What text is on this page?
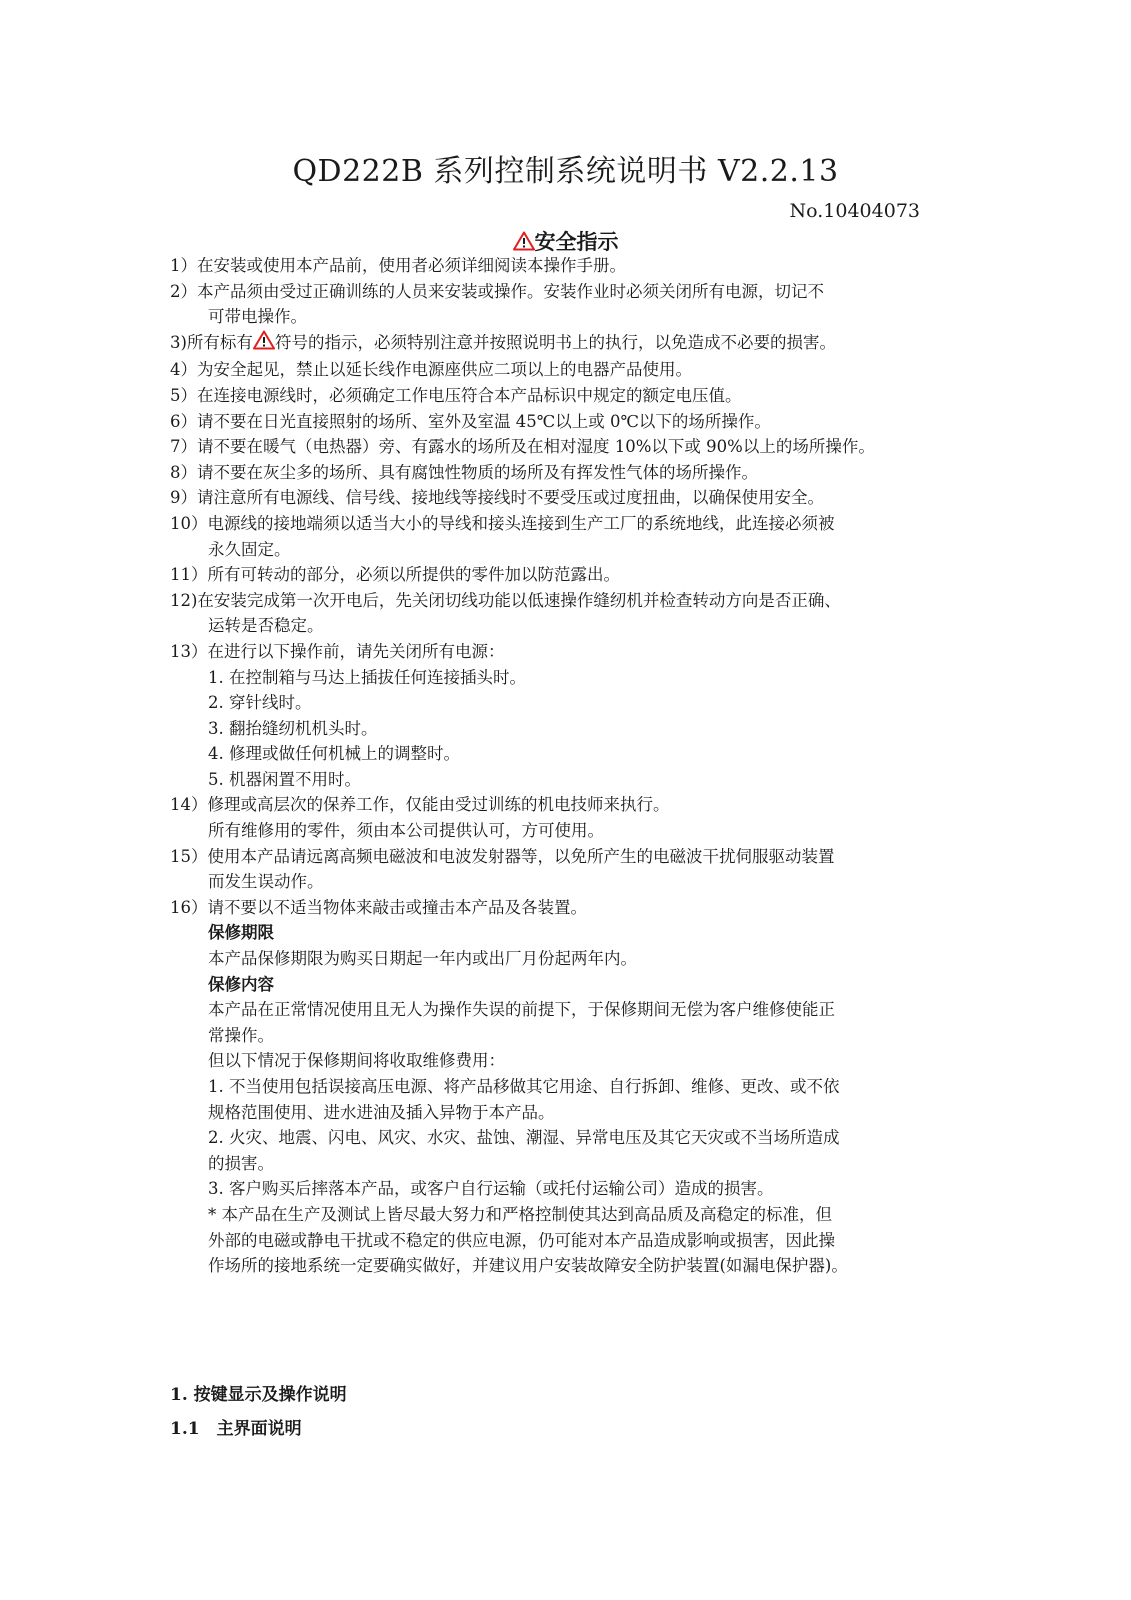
QD222B 系列控制系统说明书 V2.2.13
No.10404073
安全指示
1）在安装或使用本产品前，使用者必须详细阅读本操作手册。
2）本产品须由受过正确训练的人员来安装或操作。安装作业时必须关闭所有电源，切记不
可带电操作。
3)所有标有 符号的指示，必须特别注意并按照说明书上的执行，以免造成不必要的损害。
4）为安全起见，禁止以延长线作电源座供应二项以上的电器产品使用。
5）在连接电源线时，必须确定工作电压符合本产品标识中规定的额定电压值。
6）请不要在日光直接照射的场所、室外及室温 45℃以上或 0℃以下的场所操作。
7）请不要在暖气（电热器）旁、有露水的场所及在相对湿度 10%以下或 90%以上的场所操作。
8）请不要在灰尘多的场所、具有腐蚀性物质的场所及有挥发性气体的场所操作。
9）请注意所有电源线、信号线、接地线等接线时不要受压或过度扭曲，以确保使用安全。
10）电源线的接地端须以适当大小的导线和接头连接到生产工厂的系统地线，此连接必须被
永久固定。
11）所有可转动的部分，必须以所提供的零件加以防范露出。
12)在安装完成第一次开电后，先关闭切线功能以低速操作缝纫机并检查转动方向是否正确、
运转是否稳定。
13）在进行以下操作前，请先关闭所有电源：
1. 在控制箱与马达上插拔任何连接插头时。
2. 穿针线时。
3. 翻抬缝纫机机头时。
4. 修理或做任何机械上的调整时。
5. 机器闲置不用时。
14）修理或高层次的保养工作，仅能由受过训练的机电技师来执行。
所有维修用的零件，须由本公司提供认可，方可使用。
15）使用本产品请远离高频电磁波和电波发射器等，以免所产生的电磁波干扰伺服驱动装置
而发生误动作。
16）请不要以不适当物体来敲击或撞击本产品及各装置。
保修期限
本产品保修期限为购买日期起一年内或出厂月份起两年内。
保修内容
本产品在正常情况使用且无人为操作失误的前提下，于保修期间无偿为客户维修使能正
常操作。
但以下情况于保修期间将收取维修费用：
1. 不当使用包括误接高压电源、将产品移做其它用途、自行拆卸、维修、更改、或不依
规格范围使用、进水进油及插入异物于本产品。
2. 火灾、地震、闪电、风灾、水灾、盐蚀、潮湿、异常电压及其它天灾或不当场所造成
的损害。
3. 客户购买后摔落本产品，或客户自行运输（或托付运输公司）造成的损害。
* 本产品在生产及测试上皆尽最大努力和严格控制使其达到高品质及高稳定的标准，但
外部的电磁或静电干扰或不稳定的供应电源，仍可能对本产品造成影响或损害，因此操
作场所的接地系统一定要确实做好，并建议用户安装故障安全防护装置(如漏电保护器)。
1. 按键显示及操作说明
1.1　主界面说明
